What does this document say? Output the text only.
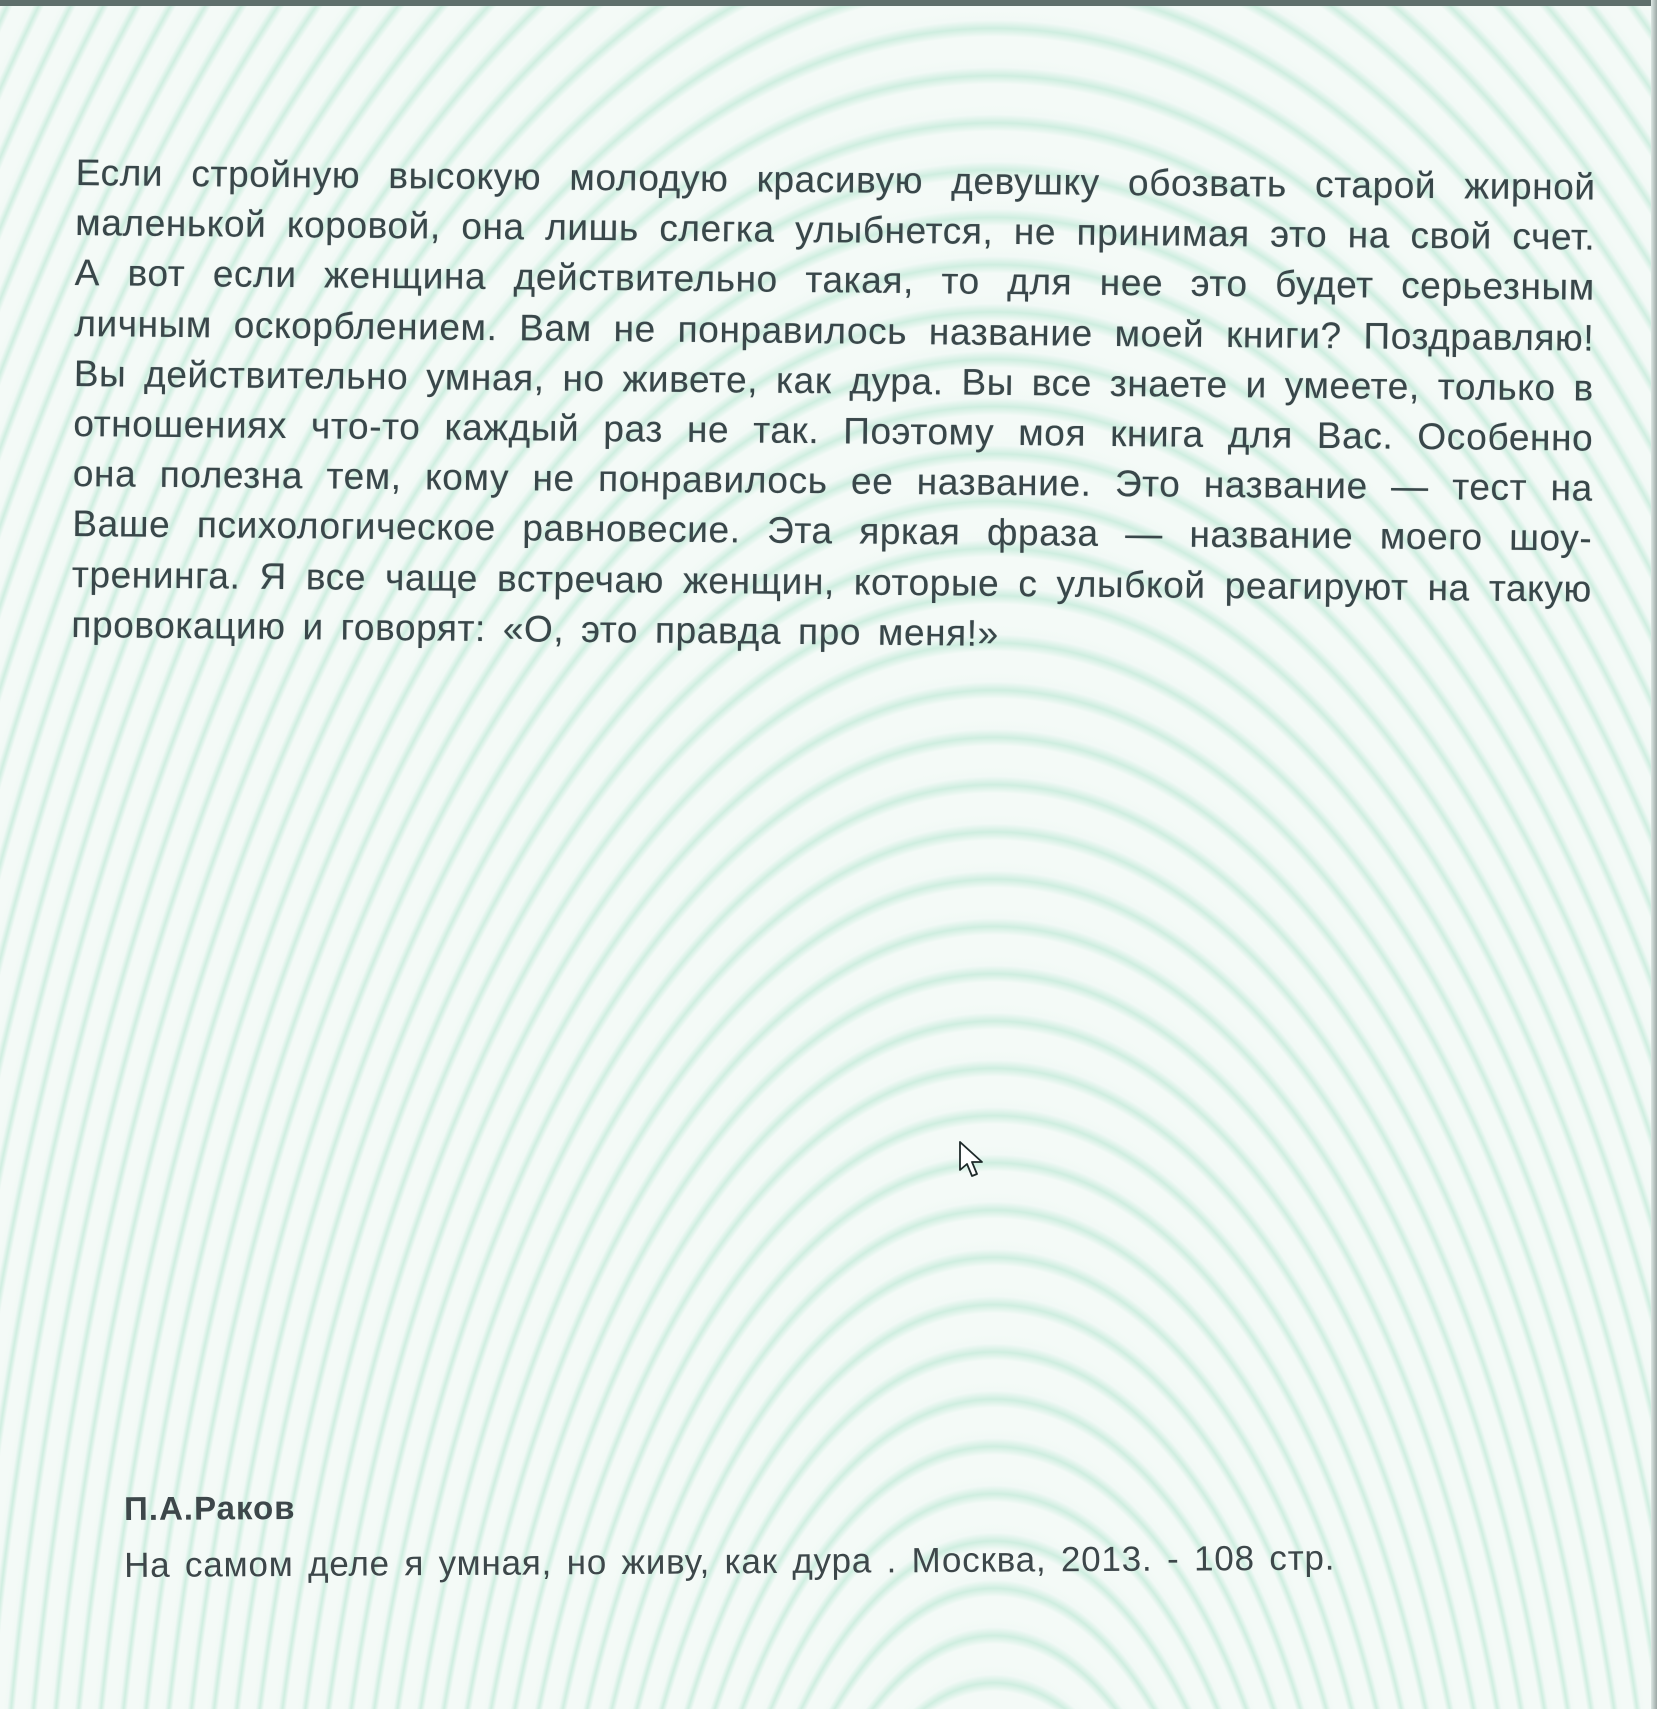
Если стройную высокую молодую красивую девушку обозвать старой жирной маленькой коровой, она лишь слегка улыбнется, не принимая это на свой счет. А вот если женщина действительно такая, то для нее это будет серьезным личным оскорблением. Вам не понравилось название моей книги? Поздравляю! Вы действительно умная, но живете, как дура. Вы все знаете и умеете, только в отношениях что-то каждый раз не так. Поэтому моя книга для Вас. Особенно она полезна тем, кому не понравилось ее название. Это название — тест на Ваше психологическое равновесие. Эта яркая фраза — название моего шоу-тренинга. Я все чаще встречаю женщин, которые с улыбкой реагируют на такую провокацию и говорят: «О, это правда про меня!»
П.А.Раков
На самом деле я умная, но живу, как дура . Москва, 2013. - 108 стр.
